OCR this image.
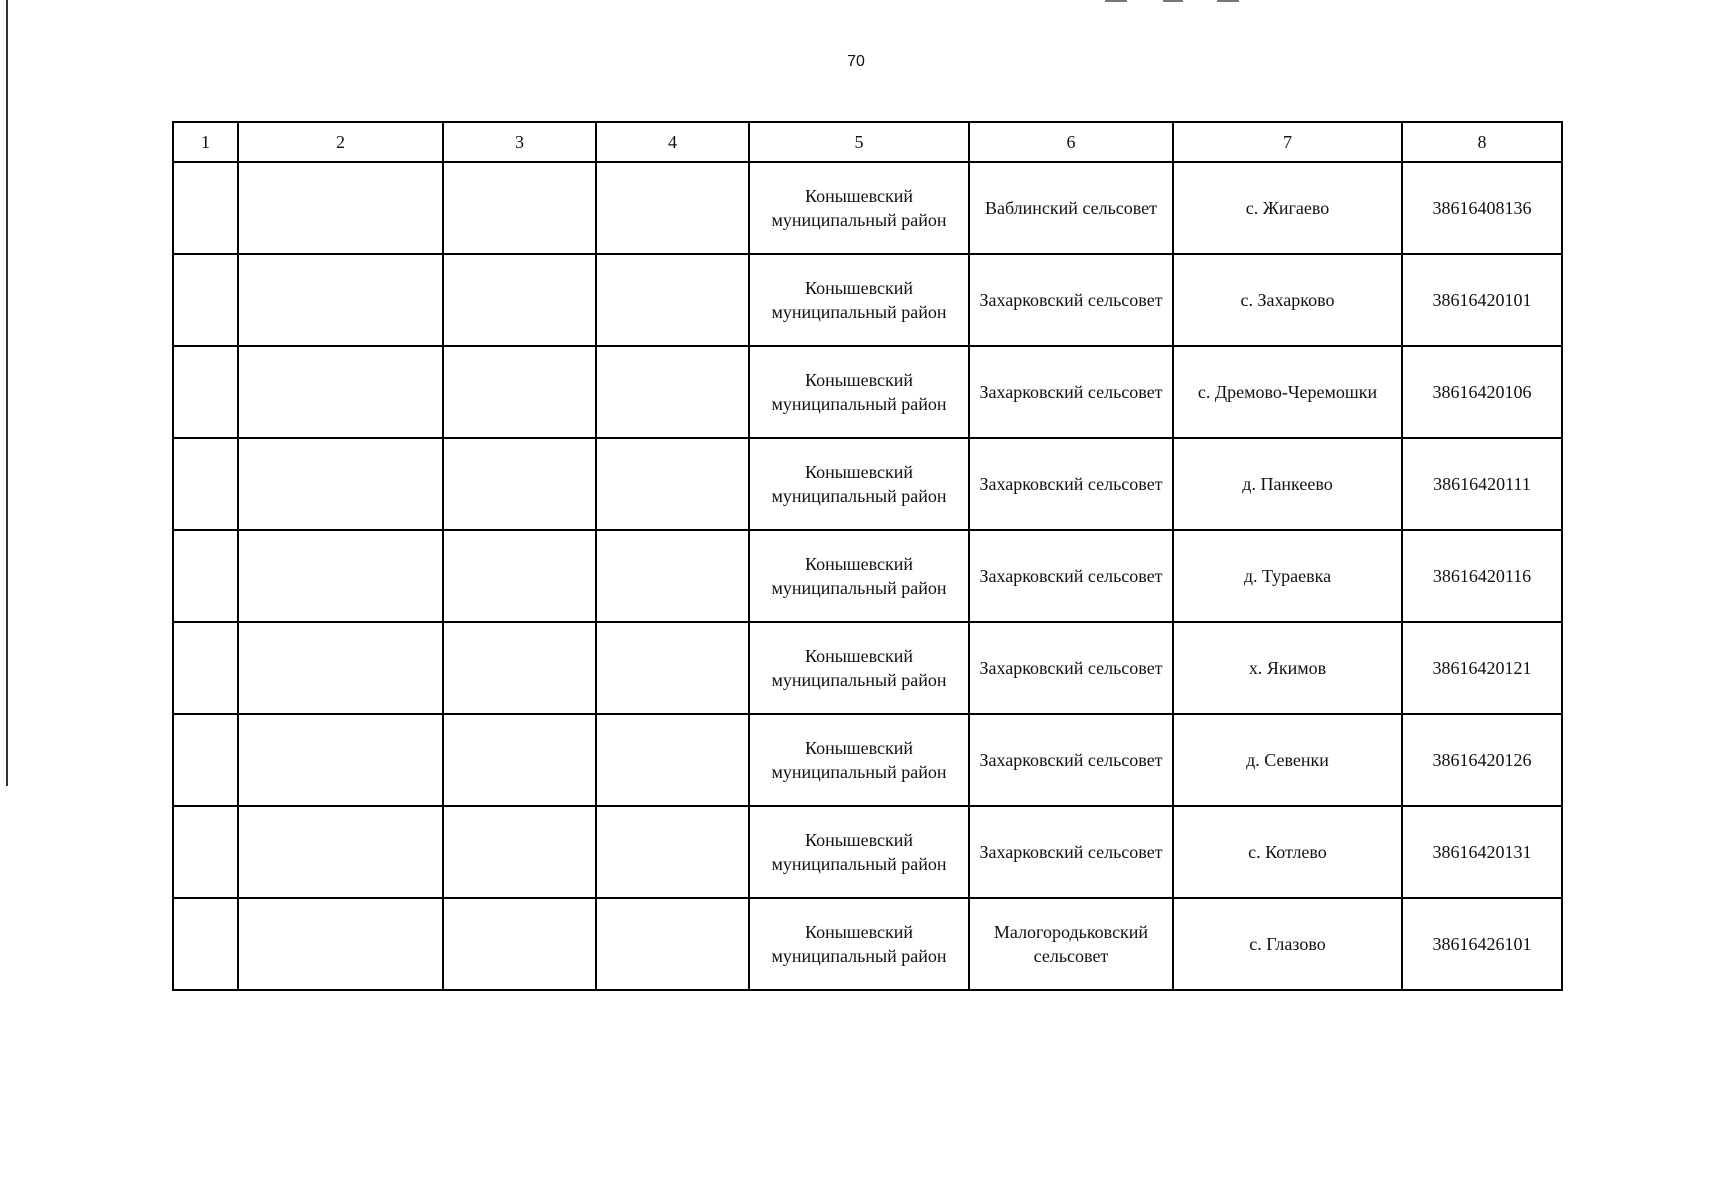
70
1	2	3	4	5	6	7	8

				Конышевский муниципальный район	Ваблинский сельсовет	с. Жигаево	38616408136

				Конышевский муниципальный район	Захарковский сельсовет	с. Захарково	38616420101

				Конышевский муниципальный район	Захарковский сельсовет	с. Дремово-Черемошки	38616420106

				Конышевский муниципальный район	Захарковский сельсовет	д. Панкеево	38616420111

				Конышевский муниципальный район	Захарковский сельсовет	д. Тураевка	38616420116

				Конышевский муниципальный район	Захарковский сельсовет	х. Якимов	38616420121

				Конышевский муниципальный район	Захарковский сельсовет	д. Севенки	38616420126

				Конышевский муниципальный район	Захарковский сельсовет	с. Котлево	38616420131

				Конышевский муниципальный район	Малогородьковский сельсовет	с. Глазово	38616426101
